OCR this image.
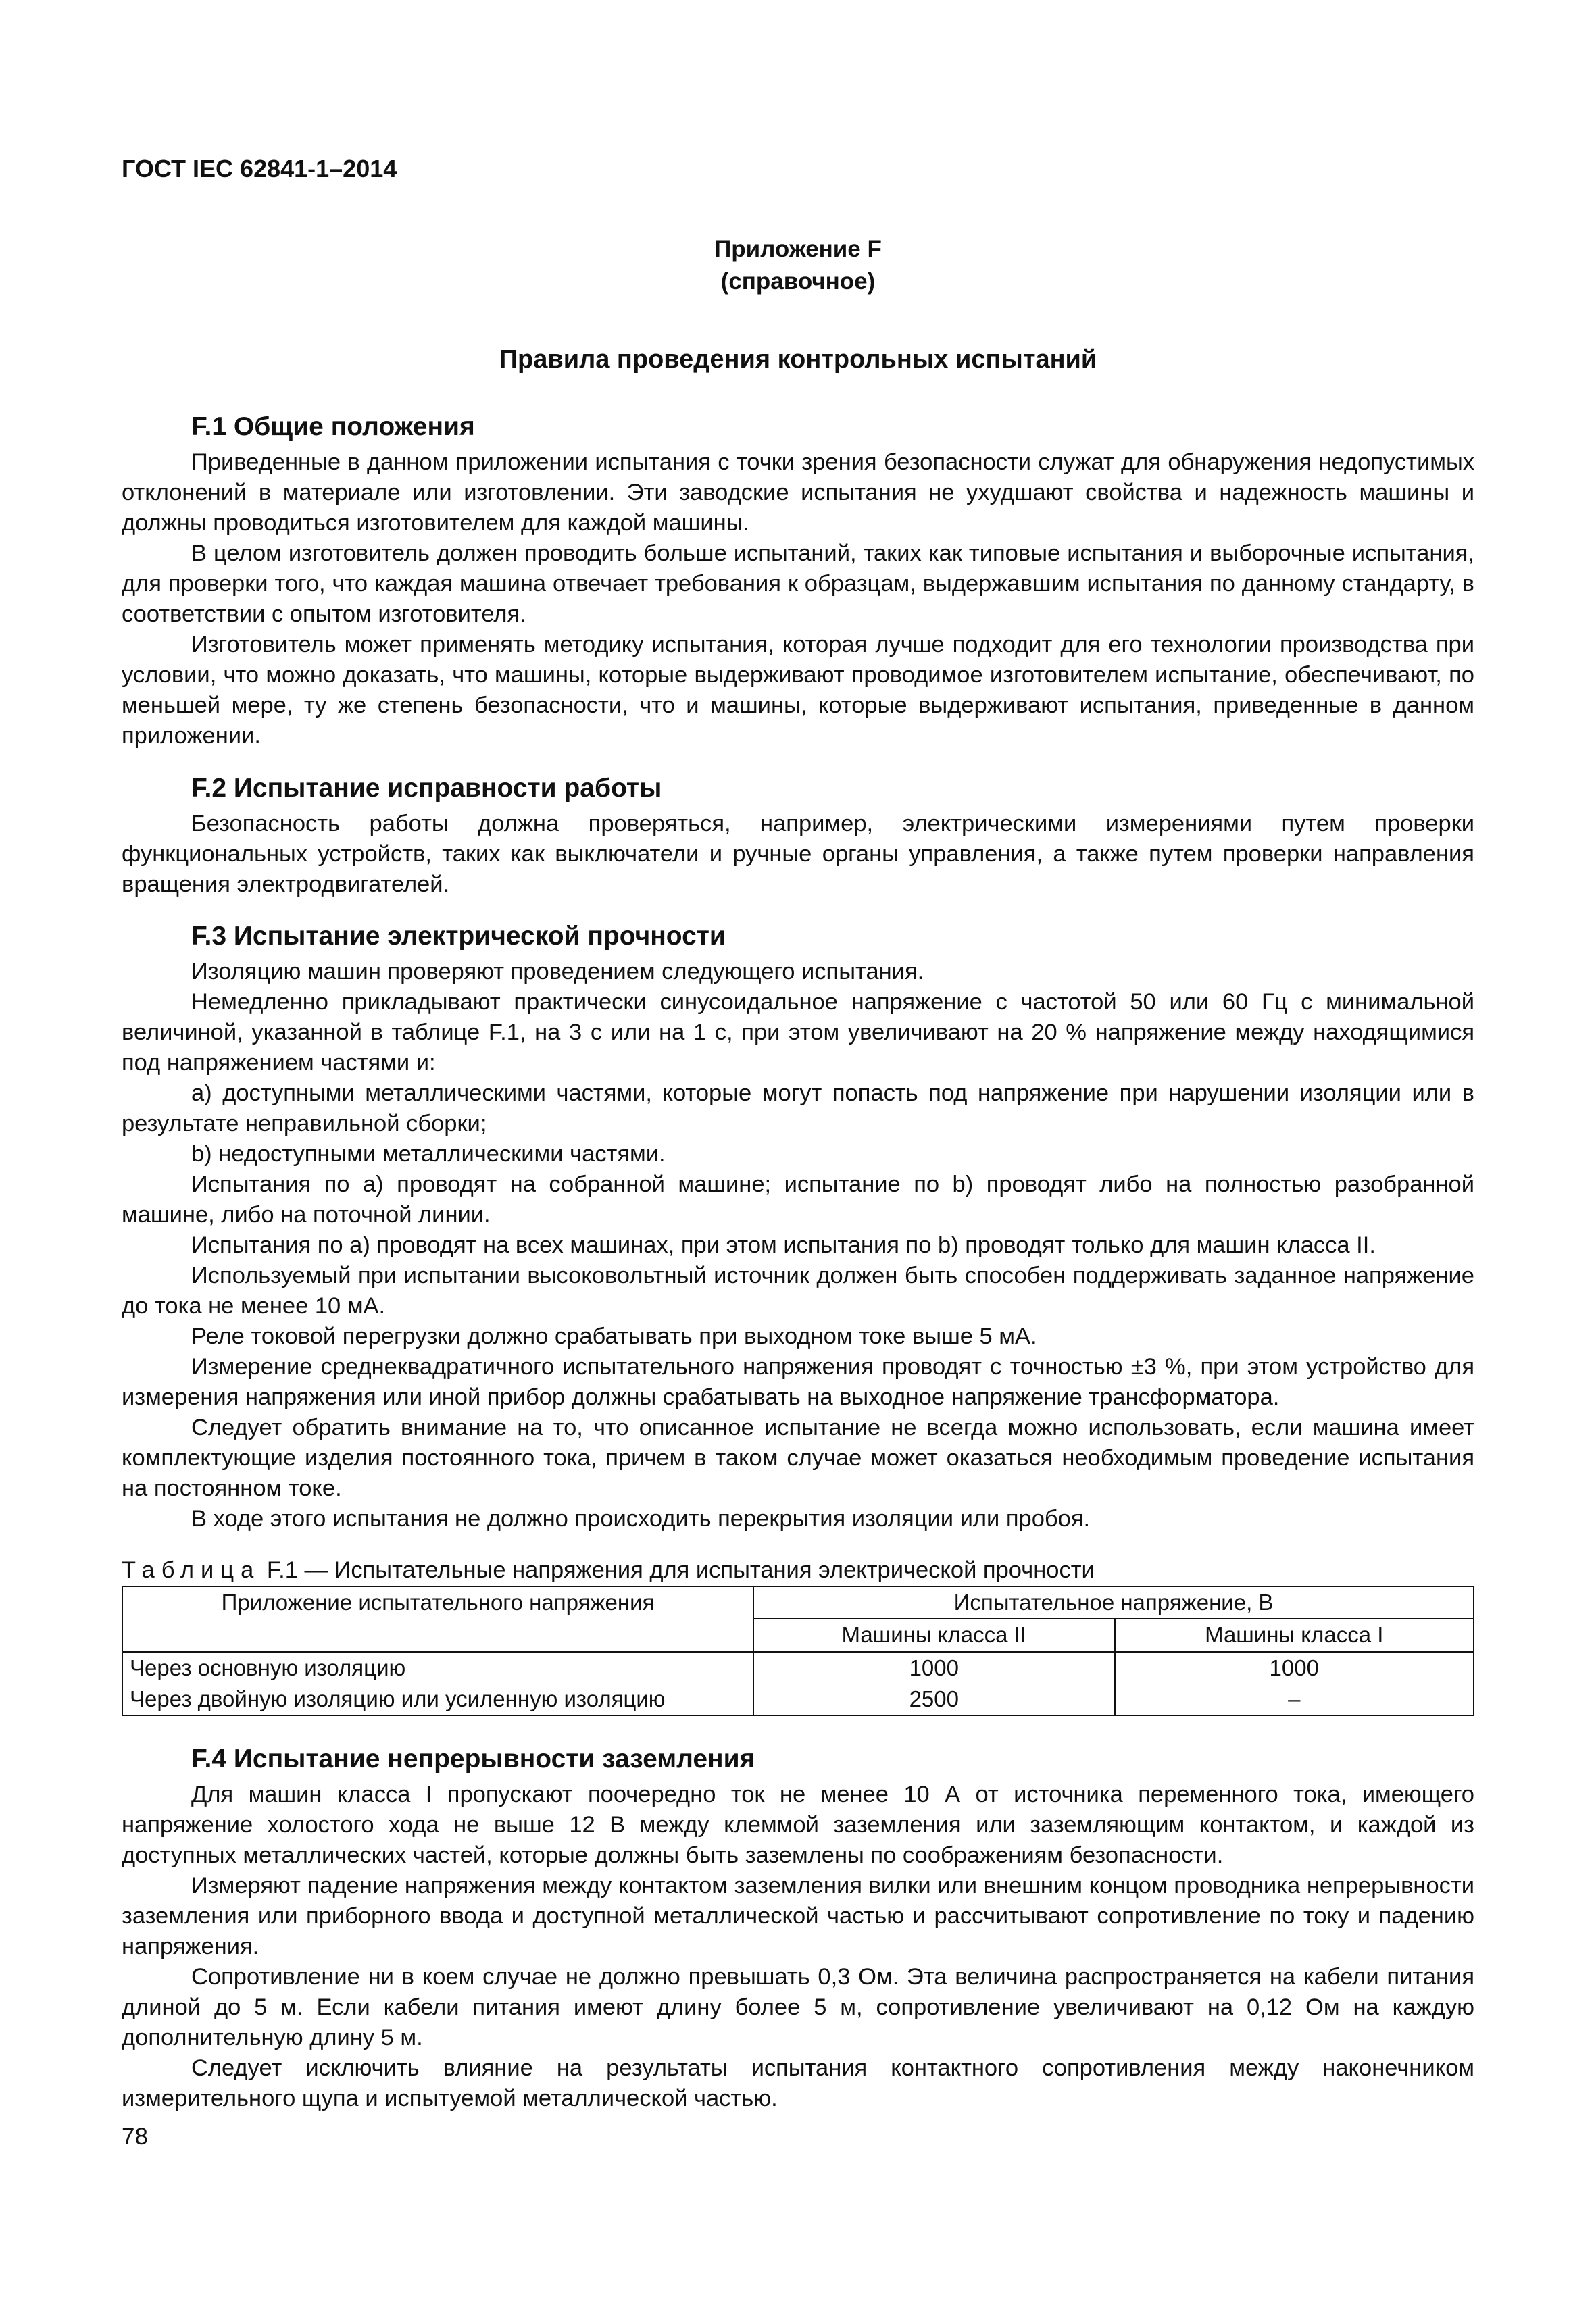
ГОСТ IEC 62841-1–2014
Приложение F
(справочное)
Правила проведения контрольных испытаний

F.1 Общие положения

Приведенные в данном приложении испытания с точки зрения безопасности служат для обнаружения недопустимых отклонений в материале или изготовлении. Эти заводские испытания не ухудшают свойства и надежность машины и должны проводиться изготовителем для каждой машины.

В целом изготовитель должен проводить больше испытаний, таких как типовые испытания и выборочные испытания, для проверки того, что каждая машина отвечает требования к образцам, выдержавшим испытания по данному стандарту, в соответствии с опытом изготовителя.

Изготовитель может применять методику испытания, которая лучше подходит для его технологии производства при условии, что можно доказать, что машины, которые выдерживают проводимое изготовителем испытание, обеспечивают, по меньшей мере, ту же степень безопасности, что и машины, которые выдерживают испытания, приведенные в данном приложении.

F.2 Испытание исправности работы

Безопасность работы должна проверяться, например, электрическими измерениями путем проверки функциональных устройств, таких как выключатели и ручные органы управления, а также путем проверки направления вращения электродвигателей.

F.3 Испытание электрической прочности

Изоляцию машин проверяют проведением следующего испытания.

Немедленно прикладывают практически синусоидальное напряжение с частотой 50 или 60 Гц с минимальной величиной, указанной в таблице F.1, на 3 с или на 1 с, при этом увеличивают на 20 % напряжение между находящимися под напряжением частями и:

a) доступными металлическими частями, которые могут попасть под напряжение при нарушении изоляции или в результате неправильной сборки;

b) недоступными металлическими частями.

Испытания по a) проводят на собранной машине; испытание по b) проводят либо на полностью разобранной машине, либо на поточной линии.

Испытания по a) проводят на всех машинах, при этом испытания по b) проводят только для машин класса II.

Используемый при испытании высоковольтный источник должен быть способен поддерживать заданное напряжение до тока не менее 10 мА.

Реле токовой перегрузки должно срабатывать при выходном токе выше 5 мА.

Измерение среднеквадратичного испытательного напряжения проводят с точностью ±3 %, при этом устройство для измерения напряжения или иной прибор должны срабатывать на выходное напряжение трансформатора.

Следует обратить внимание на то, что описанное испытание не всегда можно использовать, если машина имеет комплектующие изделия постоянного тока, причем в таком случае может оказаться необходимым проведение испытания на постоянном токе.

В ходе этого испытания не должно происходить перекрытия изоляции или пробоя.

Таблица F.1 — Испытательные напряжения для испытания электрической прочности

Приложение испытательного напряжения	Испытательное напряжение, В	
	Машины класса II	Машины класса I
Через основную изоляцию	1000	1000
Через двойную изоляцию или усиленную изоляцию	2500	–

F.4 Испытание непрерывности заземления

Для машин класса I пропускают поочередно ток не менее 10 А от источника переменного тока, имеющего напряжение холостого хода не выше 12 В между клеммой заземления или заземляющим контактом, и каждой из доступных металлических частей, которые должны быть заземлены по соображениям безопасности.

Измеряют падение напряжения между контактом заземления вилки или внешним концом проводника непрерывности заземления или приборного ввода и доступной металлической частью и рассчитывают сопротивление по току и падению напряжения.

Сопротивление ни в коем случае не должно превышать 0,3 Ом. Эта величина распространяется на кабели питания длиной до 5 м. Если кабели питания имеют длину более 5 м, сопротивление увеличивают на 0,12 Ом на каждую дополнительную длину 5 м.

Следует исключить влияние на результаты испытания контактного сопротивления между наконечником измерительного щупа и испытуемой металлической частью.

78
